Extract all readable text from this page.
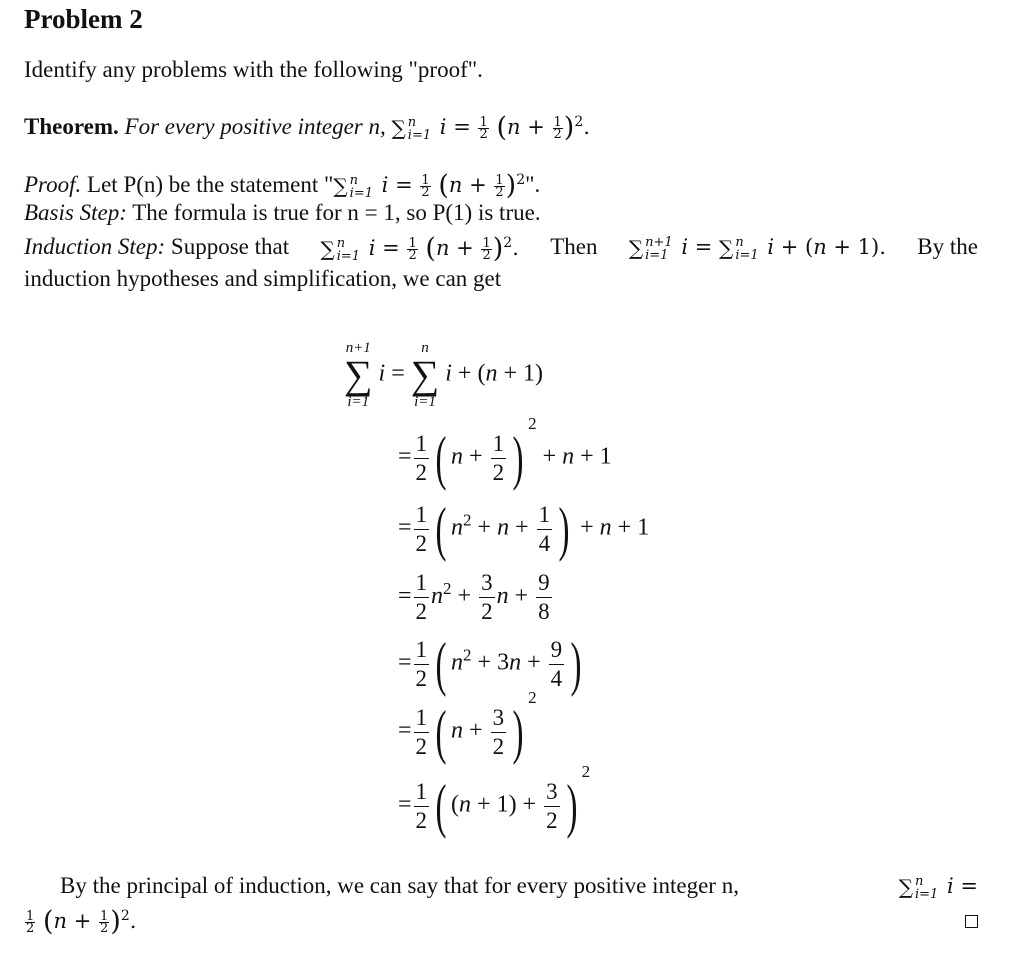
Problem 2
Identify any problems with the following "proof".
Theorem. For every positive integer n, ∑ n
i=1 $i = \frac{1}{2} (n + \frac{1}{2} )^2$.
Proof. Let P(n) be the statement "∑ n
i=1 $i = \frac{1}{2} (n + \frac{1}{2} )^2$".
Basis Step: The formula is true for n = 1, so P(1) is true.
Induction Step: Suppose that ∑ n
i=1 $i = \frac{1}{2} (n + \frac{1}{2} )^2$. Then ∑ n+1
i=1 i = ∑ n
i=1 i + (n + 1). By the
induction hypotheses and simplification, we can get
n+1
∑
i=1
i =
n
∑
i=1
i + (n + 1)
= $\frac{1}{2}$ ( $n + \frac{1}{2} )^2 + n + 1$
= $\frac{1}{2}$ ( $n^2 + n + \frac{1}{4}$ ) + n + 1
= $\frac{1}{2} n^2 + \frac{3}{2}$ $n + \frac{9}{8}$
= $\frac{1}{2}$ ( $n^2 + 3n + \frac{9}{4}$ )
= $\frac{1}{2}$ ( $n + \frac{3}{2} )^2$
= $\frac{1}{2}$ ( $(n + 1) + \frac{3}{2} )^2$
By the principal of induction, we can say that for every positive integer n,	∑ n
i=1 i =
$\frac{1}{2} (n + \frac{1}{2} )^2$.
